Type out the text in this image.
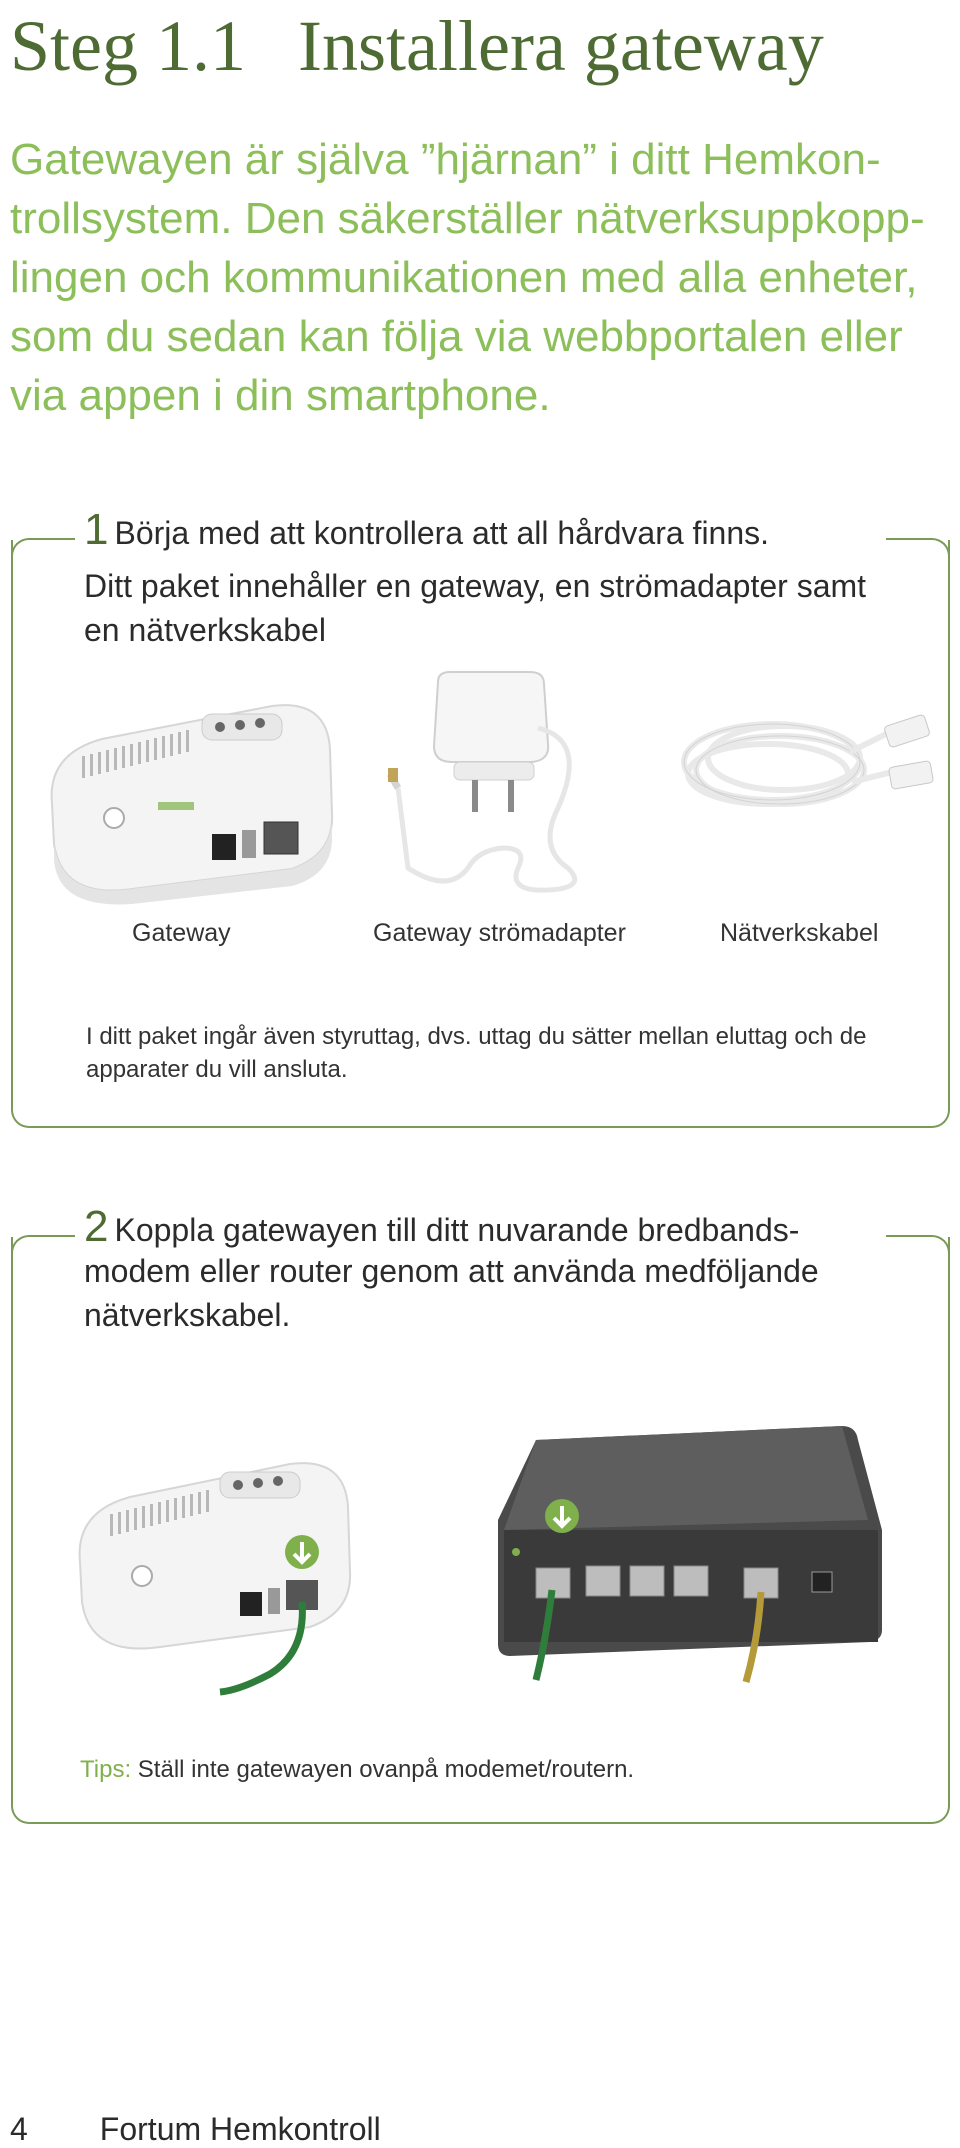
Steg 1.1 Installera gateway

Gatewayen är själva ”hjärnan” i ditt Hemkon-trollsystem. Den säkerställer nätverksuppkopp-lingen och kommunikationen med alla enheter, som du sedan kan följa via webbportalen eller via appen i din smartphone.

1 Börja med att kontrollera att all hårdvara finns.

Ditt paket innehåller en gateway, en strömadapter samt en nätverkskabel

Gateway	Gateway strömadapter	Nätverkskabel

I ditt paket ingår även styruttag, dvs. uttag du sätter mellan eluttag och de apparater du vill ansluta.

2 Koppla gatewayen till ditt nuvarande bredbands-

modem eller router genom att använda medföljande nätverkskabel.

Tips: Ställ inte gatewayen ovanpå modemet/routern.
4 Fortum Hemkontroll
